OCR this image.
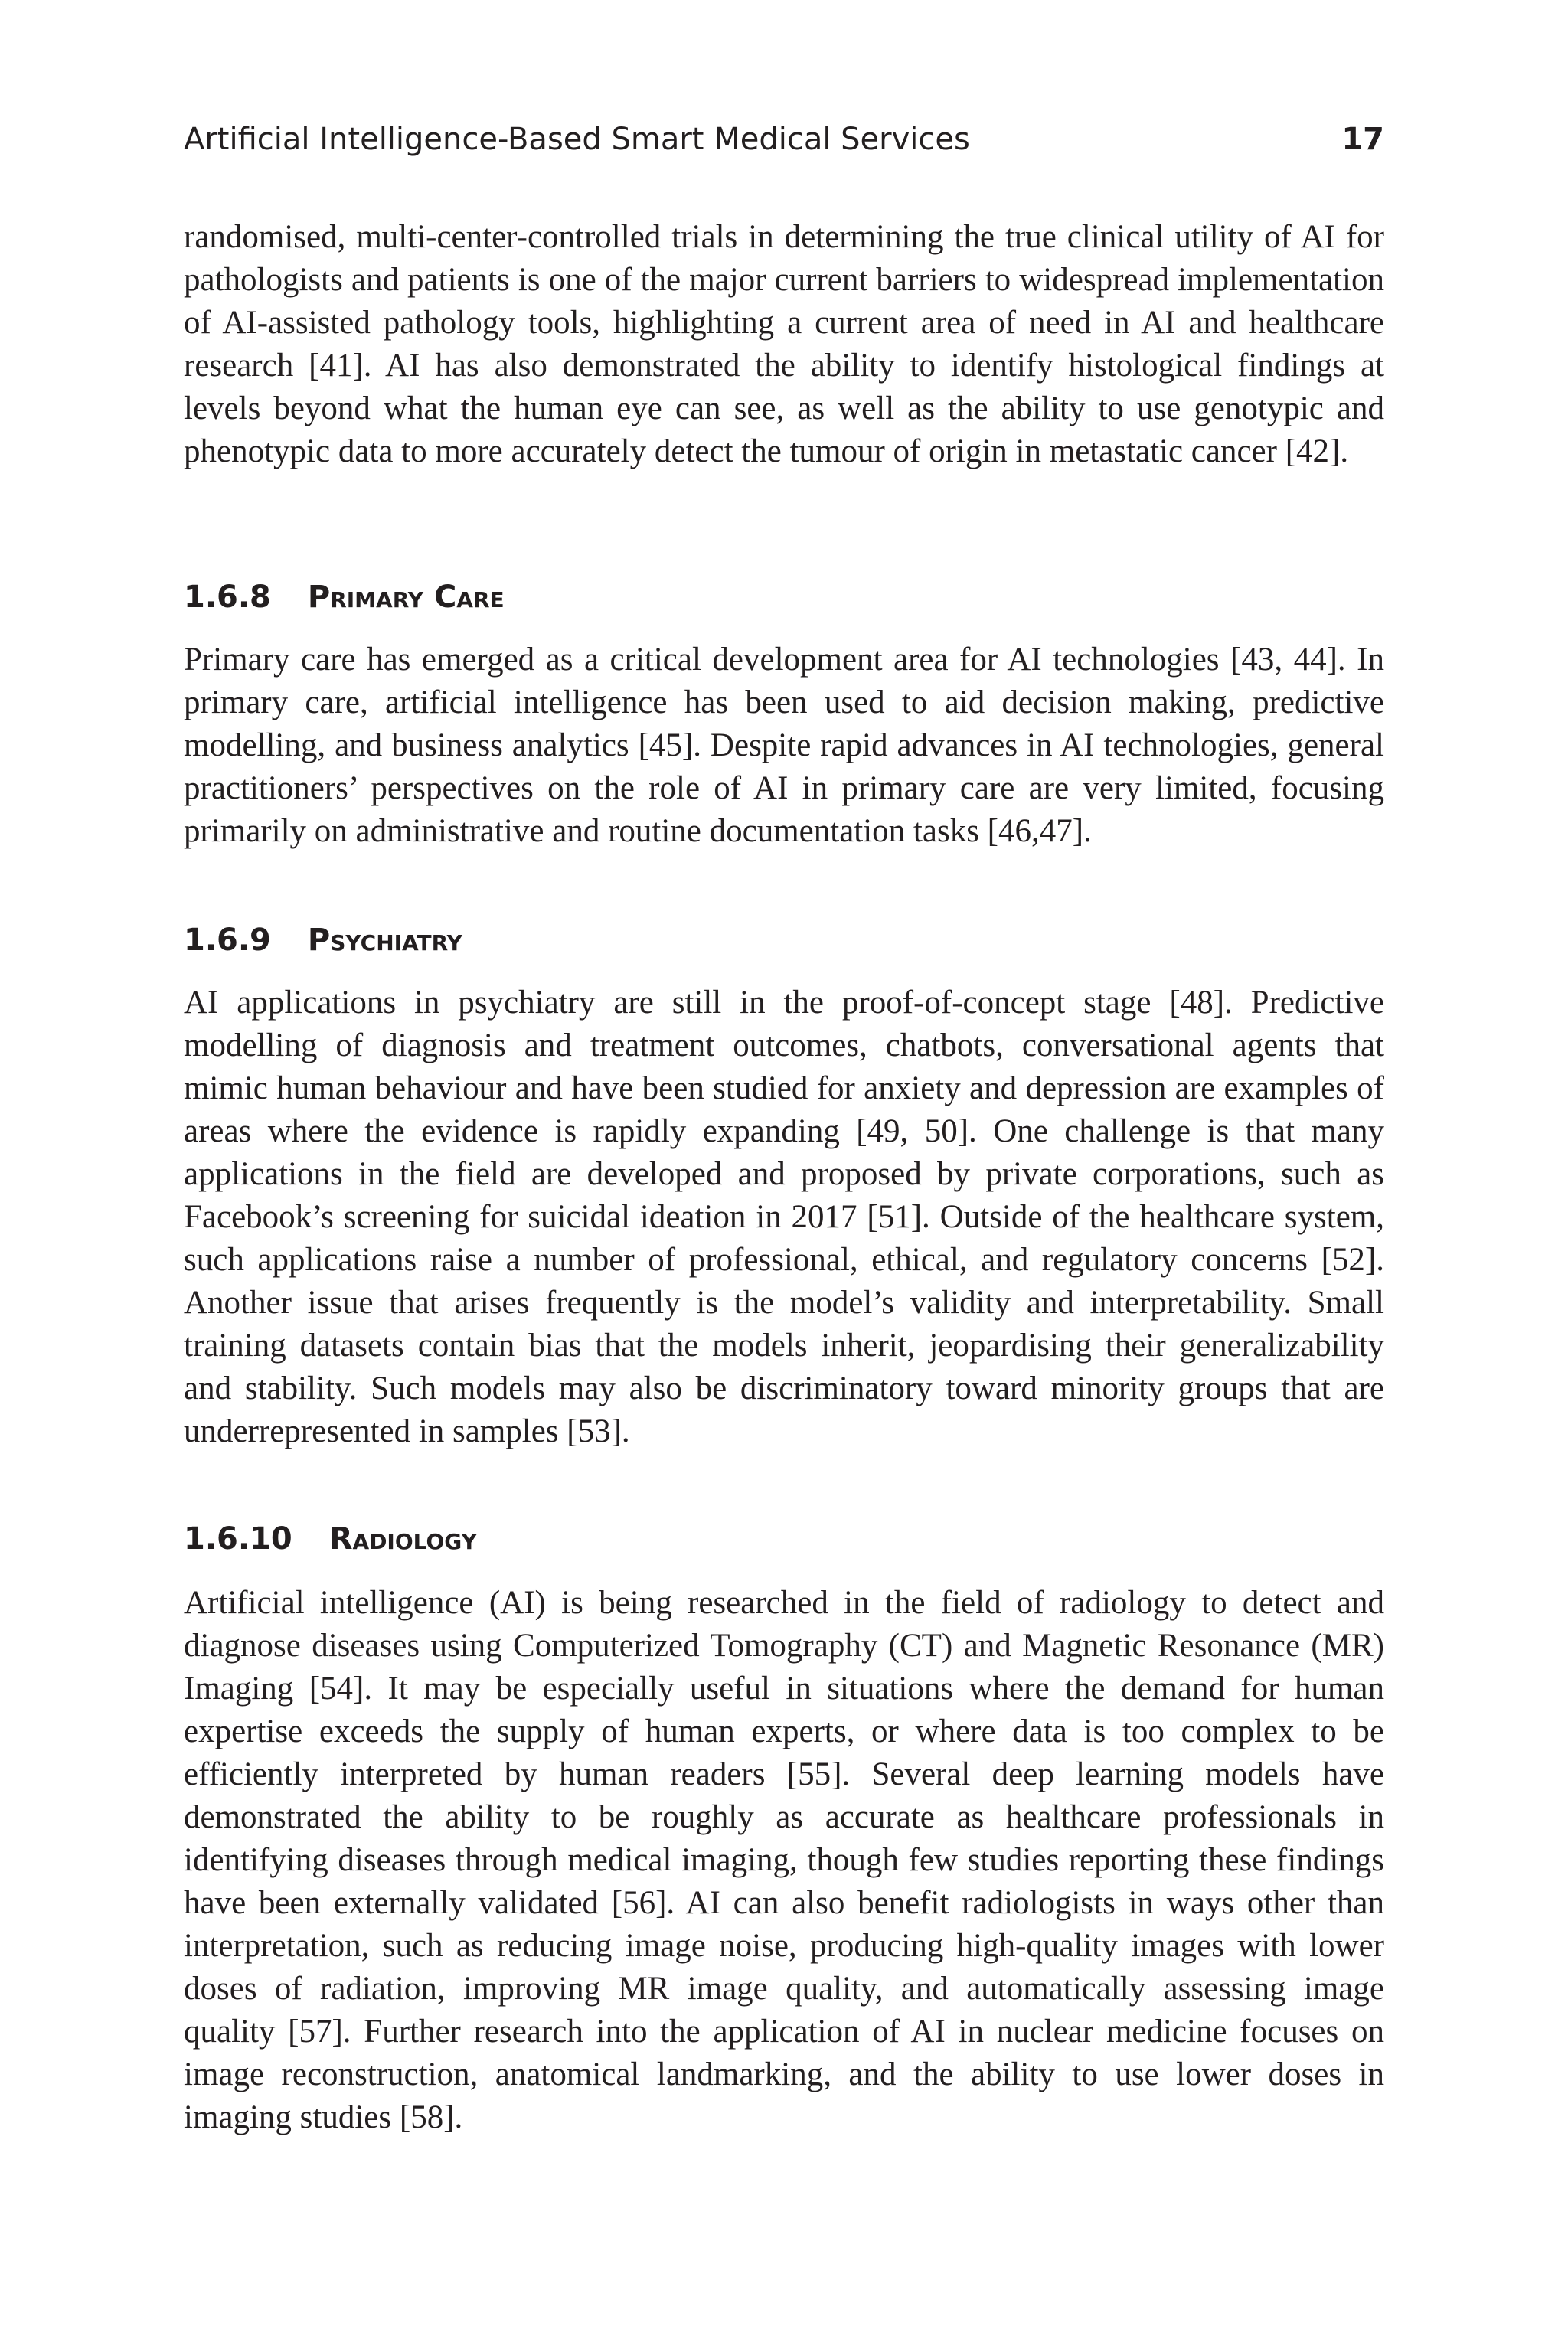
Artificial Intelligence-Based Smart Medical Services	17

randomised, multi-center-controlled trials in determining the true clinical utility of AI for pathologists and patients is one of the major current barriers to widespread implementation of AI-assisted pathology tools, highlighting a current area of need in AI and healthcare research [41]. AI has also demonstrated the ability to identify histological findings at levels beyond what the human eye can see, as well as the ability to use genotypic and phenotypic data to more accurately detect the tumour of origin in metastatic cancer [42].

1.6.8 Primary Care

Primary care has emerged as a critical development area for AI technologies [43, 44]. In primary care, artificial intelligence has been used to aid decision making, predictive modelling, and business analytics [45]. Despite rapid advances in AI technologies, general practitioners’ perspectives on the role of AI in primary care are very limited, focusing primarily on administrative and routine documentation tasks [46,47].

1.6.9 Psychiatry

AI applications in psychiatry are still in the proof-of-concept stage [48]. Predictive modelling of diagnosis and treatment outcomes, chatbots, conversational agents that mimic human behaviour and have been studied for anxiety and depression are examples of areas where the evidence is rapidly expanding [49, 50]. One challenge is that many applications in the field are developed and proposed by private corporations, such as Facebook’s screening for suicidal ideation in 2017 [51]. Outside of the healthcare system, such applications raise a number of professional, ethical, and regulatory concerns [52]. Another issue that arises frequently is the model’s validity and interpretability. Small training datasets contain bias that the models inherit, jeopardising their generalizability and stability. Such models may also be discriminatory toward minority groups that are underrepresented in samples [53].

1.6.10 Radiology

Artificial intelligence (AI) is being researched in the field of radiology to detect and diagnose diseases using Computerized Tomography (CT) and Magnetic Resonance (MR) Imaging [54]. It may be especially useful in situations where the demand for human expertise exceeds the supply of human experts, or where data is too complex to be efficiently interpreted by human readers [55]. Several deep learning models have demonstrated the ability to be roughly as accurate as healthcare professionals in identifying diseases through medical imaging, though few studies reporting these findings have been externally validated [56]. AI can also benefit radiologists in ways other than interpretation, such as reducing image noise, producing high-quality images with lower doses of radiation, improving MR image quality, and automatically assessing image quality [57]. Further research into the application of AI in nuclear medicine focuses on image reconstruction, anatomical landmarking, and the ability to use lower doses in imaging studies [58].
